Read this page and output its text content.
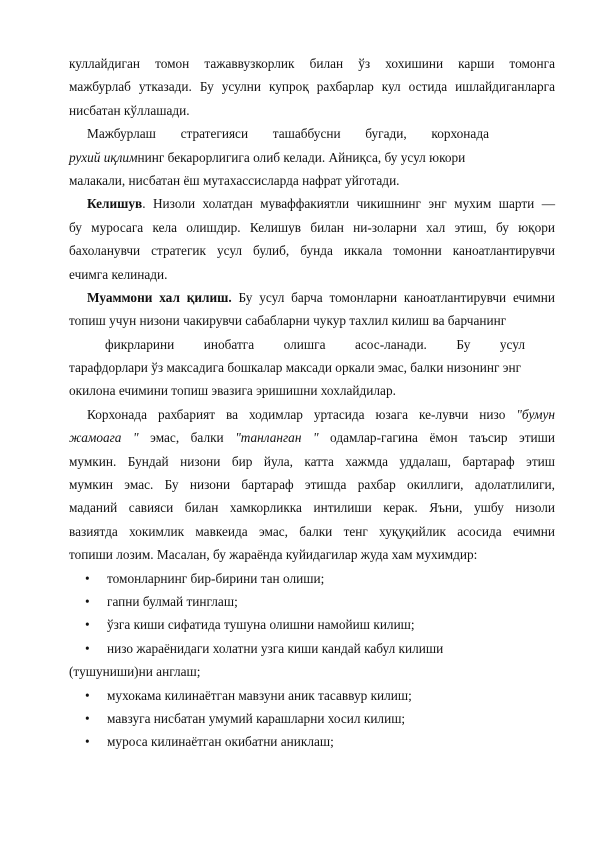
куллайдиган томон тажаввузкорлик билан ўз хохишини карши томонга
мажбурлаб утказади. Бу усулни купроқ рахбарлар кул остида ишлайдиганларга
нисбатан кўллашади.
Мажбурлаш стратегияси ташаббусни бугади, корхонада
рухий иқлимнинг бекарорлигига олиб келади. Айниқса, бу усул юкори
малакали, нисбатан ёш мутахассисларда нафрат уйготади.
Келишув. Низоли холатдан муваффакиятли чикишнинг энг мухим шарти —
бу муросага кела олишдир. Келишув билан ни-золарни хал этиш, бу юқори
бахоланувчи стратегик усул булиб, бунда иккала томонни каноатлантирувчи
ечимга келинади.
Муаммони хал қилиш. Бу усул барча томонларни каноатлантирувчи ечимни
топиш учун низони чакирувчи сабабларни чукур тахлил килиш ва барчанинг
фикрларини инобатга олишга асос-ланади. Бу усул
тарафдорлари ўз максадига бошкалар максади оркали эмас, балки низонинг энг
окилона ечимини топиш эвазига эришишни хохлайдилар.
Корхонада рахбарият ва ходимлар уртасида юзага ке-лувчи низо "бумун
жамоага " эмас, балки "танланган " одамлар-гагина ёмон таъсир этиши
мумкин. Бундай низони бир йула, катта хажмда уддалаш, бартараф этиш
мумкин эмас. Бу низони бартараф этишда рахбар окиллиги, адолатлилиги,
маданий савияси билан хамкорликка интилиши керак. Яъни, ушбу низоли
вазиятда хокимлик мавкеида эмас, балки тенг хуқуқийлик асосида ечимни
топиши лозим. Масалан, бу жараёнда куйидагилар жуда хам мухимдир:
• томонларнинг бир-бирини тан олиши;
• гапни булмай тинглаш;
• ўзга киши сифатида тушуна олишни намойиш килиш;
• низо жараёнидаги холатни узга киши кандай кабул килиши
(тушуниши)ни англаш;
• мухокама килинаётган мавзуни аник тасаввур килиш;
• мавзуга нисбатан умумий карашларни хосил килиш;
• муроса килинаётган окибатни аниклаш;
